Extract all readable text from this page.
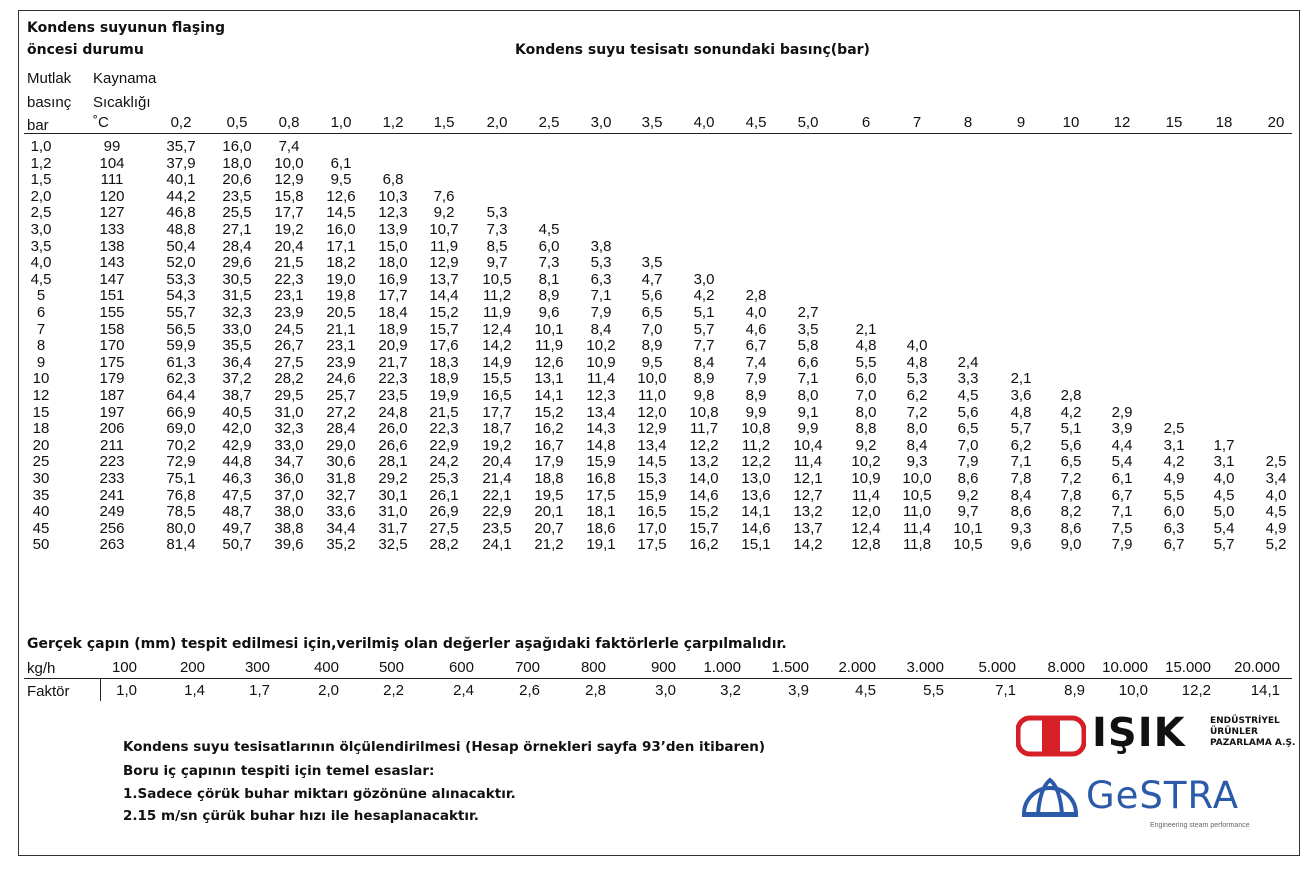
Kondens suyunun flaşing
öncesi durumu	Kondens suyu tesisatı sonundaki basınç(bar)
Mutlak
basınç
bar
Kaynama
Sıcaklığı
˚C	0,2 0,5 0,8 1,0 1,2 1,5 2,0 2,5 3,0 3,5 4,0 4,5 5,0	6	7	8	9 10 12 15 18 20
1,0	99	35,7 16,0 7,4
1,2	104	37,9 18,0 10,0 6,1
1,5	111	40,1 20,6 12,9 9,5 6,8
2,0	120	44,2 23,5 15,8 12,6 10,3 7,6
2,5	127	46,8 25,5 17,7 14,5 12,3 9,2 5,3
3,0	133	48,8 27,1 19,2 16,0 13,9 10,7 7,3 4,5
3,5	138	50,4 28,4 20,4 17,1 15,0 11,9 8,5 6,0 3,8
4,0	143	52,0 29,6 21,5 18,2 18,0 12,9 9,7 7,3 5,3 3,5
4,5	147	53,3 30,5 22,3 19,0 16,9 13,7 10,5 8,1 6,3 4,7 3,0
5	151	54,3 31,5 23,1 19,8 17,7 14,4 11,2 8,9 7,1 5,6 4,2 2,8
6	155	55,7 32,3 23,9 20,5 18,4 15,2 11,9 9,6 7,9 6,5 5,1 4,0 2,7
7	158	56,5 33,0 24,5 21,1 18,9 15,7 12,4 10,1 8,4 7,0 5,7 4,6 3,5 2,1
8	170	59,9 35,5 26,7 23,1 20,9 17,6 14,2 11,9 10,2 8,9 7,7 6,7 5,8 4,8 4,0
9	175	61,3 36,4 27,5 23,9 21,7 18,3 14,9 12,6 10,9 9,5 8,4 7,4 6,6 5,5 4,8 2,4
10	179	62,3 37,2 28,2 24,6 22,3 18,9 15,5 13,1 11,4 10,0 8,9 7,9 7,1 6,0 5,3 3,3 2,1
12	187	64,4 38,7 29,5 25,7 23,5 19,9 16,5 14,1 12,3 11,0 9,8 8,9 8,0 7,0 6,2 4,5 3,6 2,8
15	197	66,9 40,5 31,0 27,2 24,8 21,5 17,7 15,2 13,4 12,0 10,8 9,9 9,1 8,0 7,2 5,6 4,8 4,2 2,9
18	206	69,0 42,0 32,3 28,4 26,0 22,3 18,7 16,2 14,3 12,9 11,7 10,8 9,9 8,8 8,0 6,5 5,7 5,1 3,9 2,5
20	211	70,2 42,9 33,0 29,0 26,6 22,9 19,2 16,7 14,8 13,4 12,2 11,2 10,4 9,2 8,4 7,0 6,2 5,6 4,4 3,1 1,7
25	223	72,9 44,8 34,7 30,6 28,1 24,2 20,4 17,9 15,9 14,5 13,2 12,2 11,4 10,2 9,3 7,9 7,1 6,5 5,4 4,2 3,1 2,5
30	233	75,1 46,3 36,0 31,8 29,2 25,3 21,4 18,8 16,8 15,3 14,0 13,0 12,1 10,9 10,0 8,6 7,8 7,2 6,1 4,9 4,0 3,4
35	241	76,8 47,5 37,0 32,7 30,1 26,1 22,1 19,5 17,5 15,9 14,6 13,6 12,7 11,4 10,5 9,2 8,4 7,8 6,7 5,5 4,5 4,0
40	249	78,5 48,7 38,0 33,6 31,0 26,9 22,9 20,1 18,1 16,5 15,2 14,1 13,2 12,0 11,0 9,7 8,6 8,2 7,1 6,0 5,0 4,5
45	256	80,0 49,7 38,8 34,4 31,7 27,5 23,5 20,7 18,6 17,0 15,7 14,6 13,7 12,4 11,4 10,1 9,3 8,6 7,5 6,3 5,4 4,9
50	263	81,4 50,7 39,6 35,2 32,5 28,2 24,1 21,2 19,1 17,5 16,2 15,1 14,2 12,8 11,8 10,5 9,6 9,0 7,9 6,7 5,7 5,2
Gerçek çapın (mm) tespit edilmesi için,verilmiş olan değerler aşağıdaki faktörlerle çarpılmalıdır.
kg/h
Faktör
100	200	300	400	500	600	700	800	900 1.000 1.500 2.000 3.000 5.000 8.000 10.000 15.000 20.000
1,0	1,4	1,7	2,0	2,2	2,4	2,6	2,8	3,0	3,2	3,9	4,5	5,5	7,1	8,9 10,0 12,2	14,1
Kondens suyu tesisatlarının ölçülendirilmesi (Hesap örnekleri sayfa 93’den itibaren)
Boru iç çapının tespiti için temel esaslar:
1.Sadece çörük buhar miktarı gözönüne alınacaktır.
2.15 m/sn çürük buhar hızı ile hesaplanacaktır.
IŞIK	ENDÜSTRİYEL
ÜRÜNLER
PAZARLAMA A.Ş.
GeSTRA
Engineering steam performance
